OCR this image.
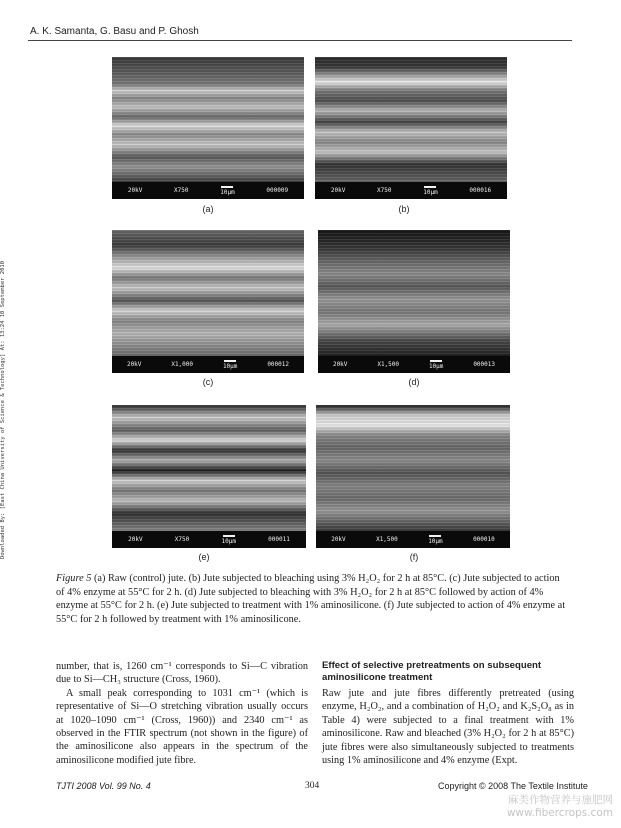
A. K. Samanta, G. Basu and P. Ghosh
Downloaded By: [East China University of Science & Technology] At: 13:24 10 September 2010
20kV	X750	10μm	000009
(a)
20kV	X750	10μm	000016
(b)
20kV	X1,000	10μm	000012
(c)
20kV	X1,500	10μm	000013
(d)
20kV	X750	10μm	000011
(e)
20kV	X1,500	10μm	000010
(f)
Figure 5 (a) Raw (control) jute. (b) Jute subjected to bleaching using 3% H₂O₂ for 2 h at 85°C. (c) Jute subjected to action of 4% enzyme at 55°C for 2 h. (d) Jute subjected to bleaching with 3% H₂O₂ for 2 h at 85°C followed by action of 4% enzyme at 55°C for 2 h. (e) Jute subjected to treatment with 1% aminosilicone. (f) Jute subjected to action of 4% enzyme at 55°C for 2 h followed by treatment with 1% aminosilicone.

number, that is, 1260 cm⁻¹ corresponds to Si—C vibration due to Si—CH₃ structure (Cross, 1960).

A small peak corresponding to 1031 cm⁻¹ (which is representative of Si—O stretching vibration usually occurs at 1020–1090 cm⁻¹ (Cross, 1960)) and 2340 cm⁻¹ as observed in the FTIR spectrum (not shown in the figure) of the aminosilicone also appears in the spectrum of the aminosilicone modified jute fibre.

Effect of selective pretreatments on subsequent aminosilicone treatment

Raw jute and jute fibres differently pretreated (using enzyme, H₂O₂, and a combination of H₂O₂ and K₂S₂O₈ as in Table 4) were subjected to a final treatment with 1% aminosilicone. Raw and bleached (3% H₂O₂ for 2 h at 85°C) jute fibres were also simultaneously subjected to treatments using 1% aminosilicone and 4% enzyme (Expt.

TJTI 2008 Vol. 99 No. 4	304	Copyright © 2008 The Textile Institute
麻类作物营养与施肥网
www.fibercrops.com
